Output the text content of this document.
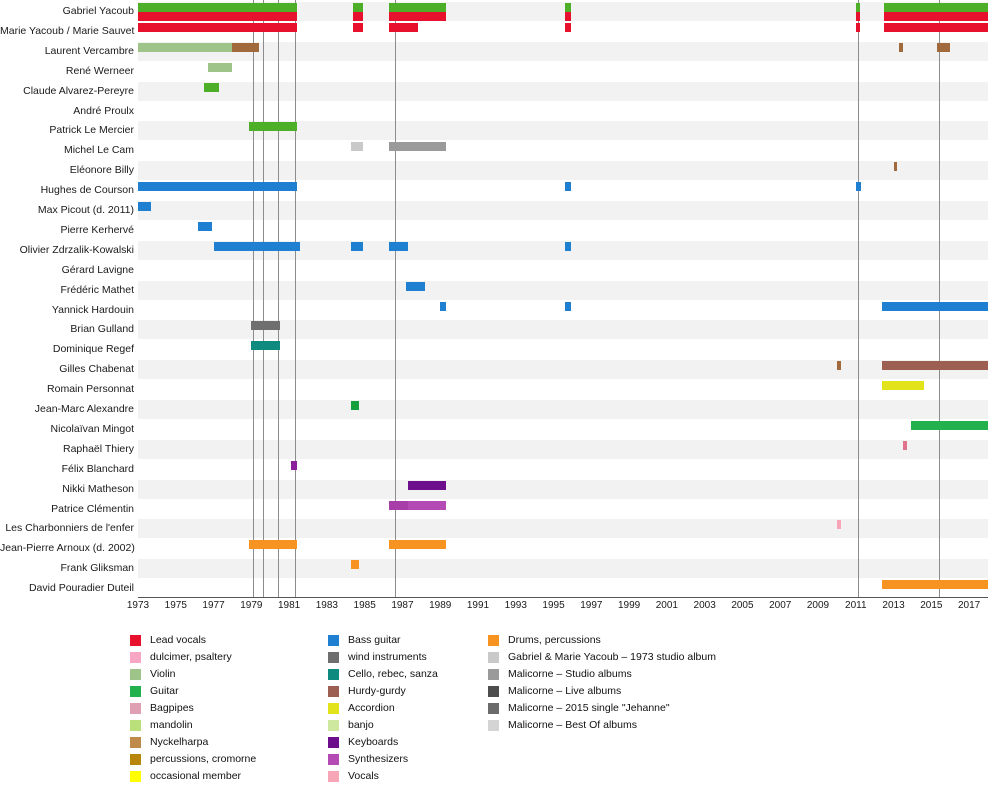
Gabriel Yacoub
Marie Yacoub / Marie Sauvet
Laurent Vercambre
René Werneer
Claude Alvarez-Pereyre
André Proulx
Patrick Le Mercier
Michel Le Cam
Eléonore Billy
Hughes de Courson
Max Picout (d. 2011)
Pierre Kerhervé
Olivier Zdrzalik-Kowalski
Gérard Lavigne
Frédéric Mathet
Yannick Hardouin
Brian Gulland
Dominique Regef
Gilles Chabenat
Romain Personnat
Jean-Marc Alexandre
Nicolaïvan Mingot
Raphaël Thiery
Félix Blanchard
Nikki Matheson
Patrice Clémentin
Les Charbonniers de l'enfer
Jean-Pierre Arnoux (d. 2002)
Frank Gliksman
David Pouradier Duteil
1973 1975 1977 1979 1981 1983 1985 1987 1989 1991 1993 1995 1997 1999 2001 2003 2005 2007 2009 2011 2013 2015 2017
Lead vocals
dulcimer, psaltery
Violin
Guitar
Bagpipes
mandolin
Nyckelharpa
percussions, cromorne
occasional member
Bass guitar
wind instruments
Cello, rebec, sanza
Hurdy-gurdy
Accordion
banjo
Keyboards
Synthesizers
Vocals
Drums, percussions
Gabriel & Marie Yacoub – 1973 studio album
Malicorne – Studio albums
Malicorne – Live albums
Malicorne – 2015 single "Jehanne"
Malicorne – Best Of albums
